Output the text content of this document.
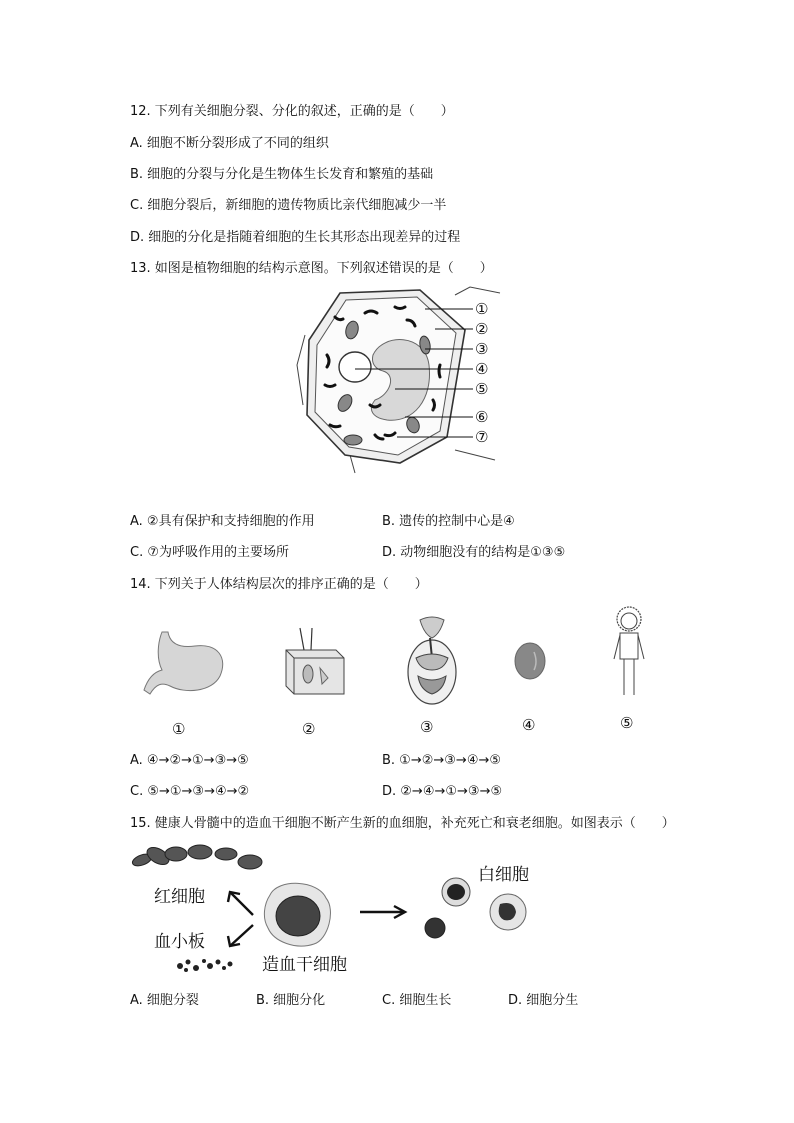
12. 下列有关细胞分裂、分化的叙述，正确的是（　　）
A. 细胞不断分裂形成了不同的组织
B. 细胞的分裂与分化是生物体生长发育和繁殖的基础
C. 细胞分裂后，新细胞的遗传物质比亲代细胞减少一半
D. 细胞的分化是指随着细胞的生长其形态出现差异的过程
13. 如图是植物细胞的结构示意图。下列叙述错误的是（　　）
①
②
③
④
⑤
⑥
⑦
A. ②具有保护和支持细胞的作用	B. 遗传的控制中心是④
C. ⑦为呼吸作用的主要场所	D. 动物细胞没有的结构是①③⑤
14. 下列关于人体结构层次的排序正确的是（　　）
①	②	③	④	⑤
A. ④→②→①→③→⑤	B. ①→②→③→④→⑤
C. ⑤→①→③→④→②	D. ②→④→①→③→⑤
15. 健康人骨髓中的造血干细胞不断产生新的血细胞，补充死亡和衰老细胞。如图表示（　　）
红细胞
血小板
造血干细胞
白细胞
A. 细胞分裂	B. 细胞分化	C. 细胞生长	D. 细胞分生
